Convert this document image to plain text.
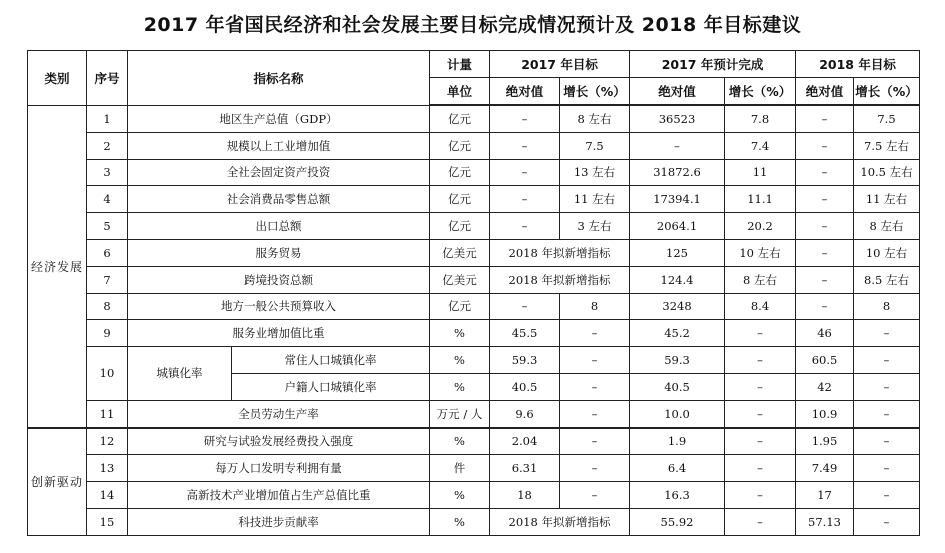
2017 年省国民经济和社会发展主要目标完成情况预计及 2018 年目标建议
类别	序号	指标名称		计量	2017 年目标		2017 年预计完成		2018 年目标	
				单位	绝对值	增长（%）	绝对值	增长（%）	绝对值	增长（%）
经济发展	1	地区生产总值（GDP）		亿元	–	8 左右	36523	7.8	–	7.5
	2	规模以上工业增加值		亿元	–	7.5	–	7.4	–	7.5 左右
	3	全社会固定资产投资		亿元	–	13 左右	31872.6	11	–	10.5 左右
	4	社会消费品零售总额		亿元	–	11 左右	17394.1	11.1	–	11 左右
	5	出口总额		亿元	–	3 左右	2064.1	20.2	–	8 左右
	6	服务贸易		亿美元	2018 年拟新增指标		125	10 左右	–	10 左右
	7	跨境投资总额		亿美元	2018 年拟新增指标		124.4	8 左右	–	8.5 左右
	8	地方一般公共预算收入		亿元	–	8	3248	8.4	–	8
	9	服务业增加值比重		%	45.5	–	45.2	–	46	–
	10	城镇化率	常住人口城镇化率	%	59.3	–	59.3	–	60.5	–
			户籍人口城镇化率	%	40.5	–	40.5	–	42	–
	11	全员劳动生产率		万元 / 人	9.6	–	10.0	–	10.9	–
创新驱动	12	研究与试验发展经费投入强度		%	2.04	–	1.9	–	1.95	–
	13	每万人口发明专利拥有量		件	6.31	–	6.4	–	7.49	–
	14	高新技术产业增加值占生产总值比重		%	18	–	16.3	–	17	–
	15	科技进步贡献率		%	2018 年拟新增指标		55.92	–	57.13	–
